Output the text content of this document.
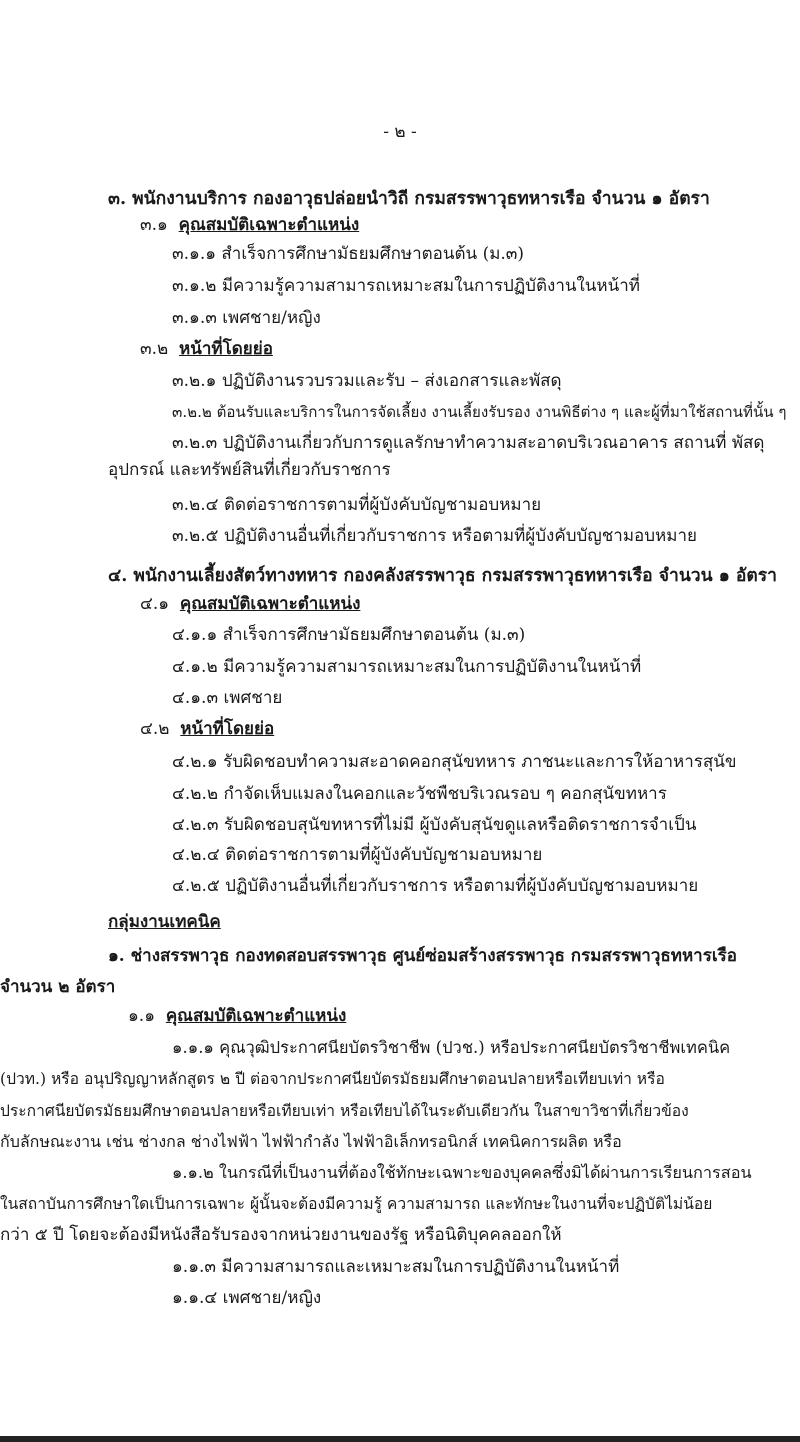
- ๒ -
๓. พนักงานบริการ กองอาวุธปล่อยนำวิถี กรมสรรพาวุธทหารเรือ จำนวน ๑ อัตรา
๓.๑ คุณสมบัติเฉพาะตำแหน่ง
๓.๑.๑ สำเร็จการศึกษามัธยมศึกษาตอนต้น (ม.๓)
๓.๑.๒ มีความรู้ความสามารถเหมาะสมในการปฏิบัติงานในหน้าที่
๓.๑.๓ เพศชาย/หญิง
๓.๒ หน้าที่โดยย่อ
๓.๒.๑ ปฏิบัติงานรวบรวมและรับ – ส่งเอกสารและพัสดุ
๓.๒.๒ ต้อนรับและบริการในการจัดเลี้ยง งานเลี้ยงรับรอง งานพิธีต่าง ๆ และผู้ที่มาใช้สถานที่นั้น ๆ
๓.๒.๓ ปฏิบัติงานเกี่ยวกับการดูแลรักษาทำความสะอาดบริเวณอาคาร สถานที่ พัสดุ
อุปกรณ์ และทรัพย์สินที่เกี่ยวกับราชการ
๓.๒.๔ ติดต่อราชการตามที่ผู้บังคับบัญชามอบหมาย
๓.๒.๕ ปฏิบัติงานอื่นที่เกี่ยวกับราชการ หรือตามที่ผู้บังคับบัญชามอบหมาย
๔. พนักงานเลี้ยงสัตว์ทางทหาร กองคลังสรรพาวุธ กรมสรรพาวุธทหารเรือ จำนวน ๑ อัตรา
๔.๑ คุณสมบัติเฉพาะตำแหน่ง
๔.๑.๑ สำเร็จการศึกษามัธยมศึกษาตอนต้น (ม.๓)
๔.๑.๒ มีความรู้ความสามารถเหมาะสมในการปฏิบัติงานในหน้าที่
๔.๑.๓ เพศชาย
๔.๒ หน้าที่โดยย่อ
๔.๒.๑ รับผิดชอบทำความสะอาดคอกสุนัขทหาร ภาชนะและการให้อาหารสุนัข
๔.๒.๒ กำจัดเห็บแมลงในคอกและวัชพืชบริเวณรอบ ๆ คอกสุนัขทหาร
๔.๒.๓ รับผิดชอบสุนัขทหารที่ไม่มี ผู้บังคับสุนัขดูแลหรือติดราชการจำเป็น
๔.๒.๔ ติดต่อราชการตามที่ผู้บังคับบัญชามอบหมาย
๔.๒.๕ ปฏิบัติงานอื่นที่เกี่ยวกับราชการ หรือตามที่ผู้บังคับบัญชามอบหมาย
กลุ่มงานเทคนิค
๑. ช่างสรรพาวุธ กองทดสอบสรรพาวุธ ศูนย์ซ่อมสร้างสรรพาวุธ กรมสรรพาวุธทหารเรือ
จำนวน ๒ อัตรา
๑.๑ คุณสมบัติเฉพาะตำแหน่ง
๑.๑.๑ คุณวุฒิประกาศนียบัตรวิชาชีพ (ปวช.) หรือประกาศนียบัตรวิชาชีพเทคนิค
(ปวท.) หรือ อนุปริญญาหลักสูตร ๒ ปี ต่อจากประกาศนียบัตรมัธยมศึกษาตอนปลายหรือเทียบเท่า หรือ
ประกาศนียบัตรมัธยมศึกษาตอนปลายหรือเทียบเท่า หรือเทียบได้ในระดับเดียวกัน ในสาขาวิชาที่เกี่ยวข้อง
กับลักษณะงาน เช่น ช่างกล ช่างไฟฟ้า ไฟฟ้ากำลัง ไฟฟ้าอิเล็กทรอนิกส์ เทคนิคการผลิต หรือ
๑.๑.๒ ในกรณีที่เป็นงานที่ต้องใช้ทักษะเฉพาะของบุคคลซึ่งมิได้ผ่านการเรียนการสอน
ในสถาบันการศึกษาใดเป็นการเฉพาะ ผู้นั้นจะต้องมีความรู้ ความสามารถ และทักษะในงานที่จะปฏิบัติไม่น้อย
กว่า ๕ ปี โดยจะต้องมีหนังสือรับรองจากหน่วยงานของรัฐ หรือนิติบุคคลออกให้
๑.๑.๓ มีความสามารถและเหมาะสมในการปฏิบัติงานในหน้าที่
๑.๑.๔ เพศชาย/หญิง
